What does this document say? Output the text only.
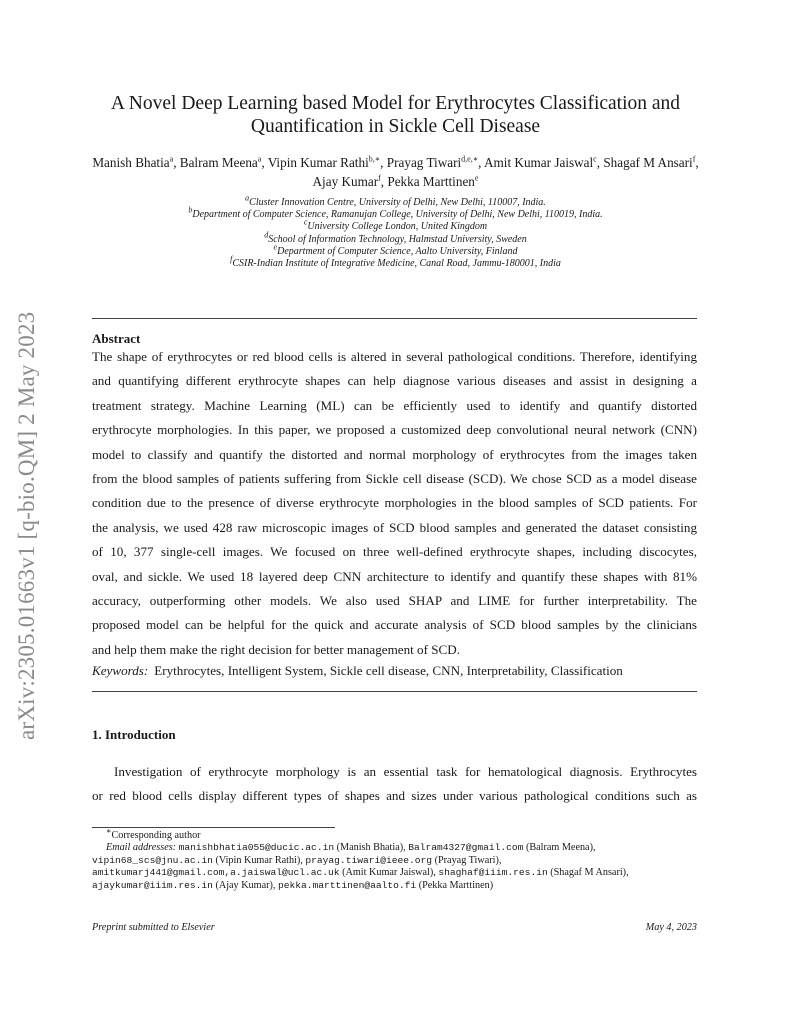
arXiv:2305.01663v1 [q-bio.QM] 2 May 2023
A Novel Deep Learning based Model for Erythrocytes Classification and
Quantification in Sickle Cell Disease
Manish Bhatia$^a$, Balram Meena$^a$, Vipin Kumar Rathi$^{b,∗}$, Prayag Tiwari$^{d,e,∗}$, Amit Kumar Jaiswal$^c$, Shagaf M Ansari$^f$, Ajay Kumar$^f$, Pekka Marttinen$^e$
$^a$Cluster Innovation Centre, University of Delhi, New Delhi, 110007, India.
$^b$Department of Computer Science, Ramanujan College, University of Delhi, New Delhi, 110019, India.
$^c$University College London, United Kingdom
$^d$School of Information Technology, Halmstad University, Sweden
$^e$Department of Computer Science, Aalto University, Finland
$^f$CSIR-Indian Institute of Integrative Medicine, Canal Road, Jammu-180001, India
Abstract
The shape of erythrocytes or red blood cells is altered in several pathological conditions. Therefore, identifying
and quantifying different erythrocyte shapes can help diagnose various diseases and assist in designing a
treatment strategy. Machine Learning (ML) can be efficiently used to identify and quantify distorted
erythrocyte morphologies. In this paper, we proposed a customized deep convolutional neural network (CNN)
model to classify and quantify the distorted and normal morphology of erythrocytes from the images taken
from the blood samples of patients suffering from Sickle cell disease (SCD). We chose SCD as a model disease
condition due to the presence of diverse erythrocyte morphologies in the blood samples of SCD patients. For
the analysis, we used 428 raw microscopic images of SCD blood samples and generated the dataset consisting
of 10, 377 single-cell images. We focused on three well-defined erythrocyte shapes, including discocytes,
oval, and sickle. We used 18 layered deep CNN architecture to identify and quantify these shapes with 81%
accuracy, outperforming other models. We also used SHAP and LIME for further interpretability. The
proposed model can be helpful for the quick and accurate analysis of SCD blood samples by the clinicians
and help them make the right decision for better management of SCD.
Keywords: Erythrocytes, Intelligent System, Sickle cell disease, CNN, Interpretability, Classification
1. Introduction
Investigation of erythrocyte morphology is an essential task for hematological diagnosis. Erythrocytes
or red blood cells display different types of shapes and sizes under various pathological conditions such as
∗Corresponding author
Email addresses: manishbhatia055@ducic.ac.in (Manish Bhatia), Balram4327@gmail.com (Balram Meena),
vipin68_scs@jnu.ac.in (Vipin Kumar Rathi), prayag.tiwari@ieee.org (Prayag Tiwari),
amitkumarj441@gmail.com,a.jaiswal@ucl.ac.uk (Amit Kumar Jaiswal), shaghaf@iiim.res.in (Shagaf M Ansari),
ajaykumar@iiim.res.in (Ajay Kumar), pekka.marttinen@aalto.fi (Pekka Marttinen)
Preprint submitted to Elsevier	May 4, 2023
